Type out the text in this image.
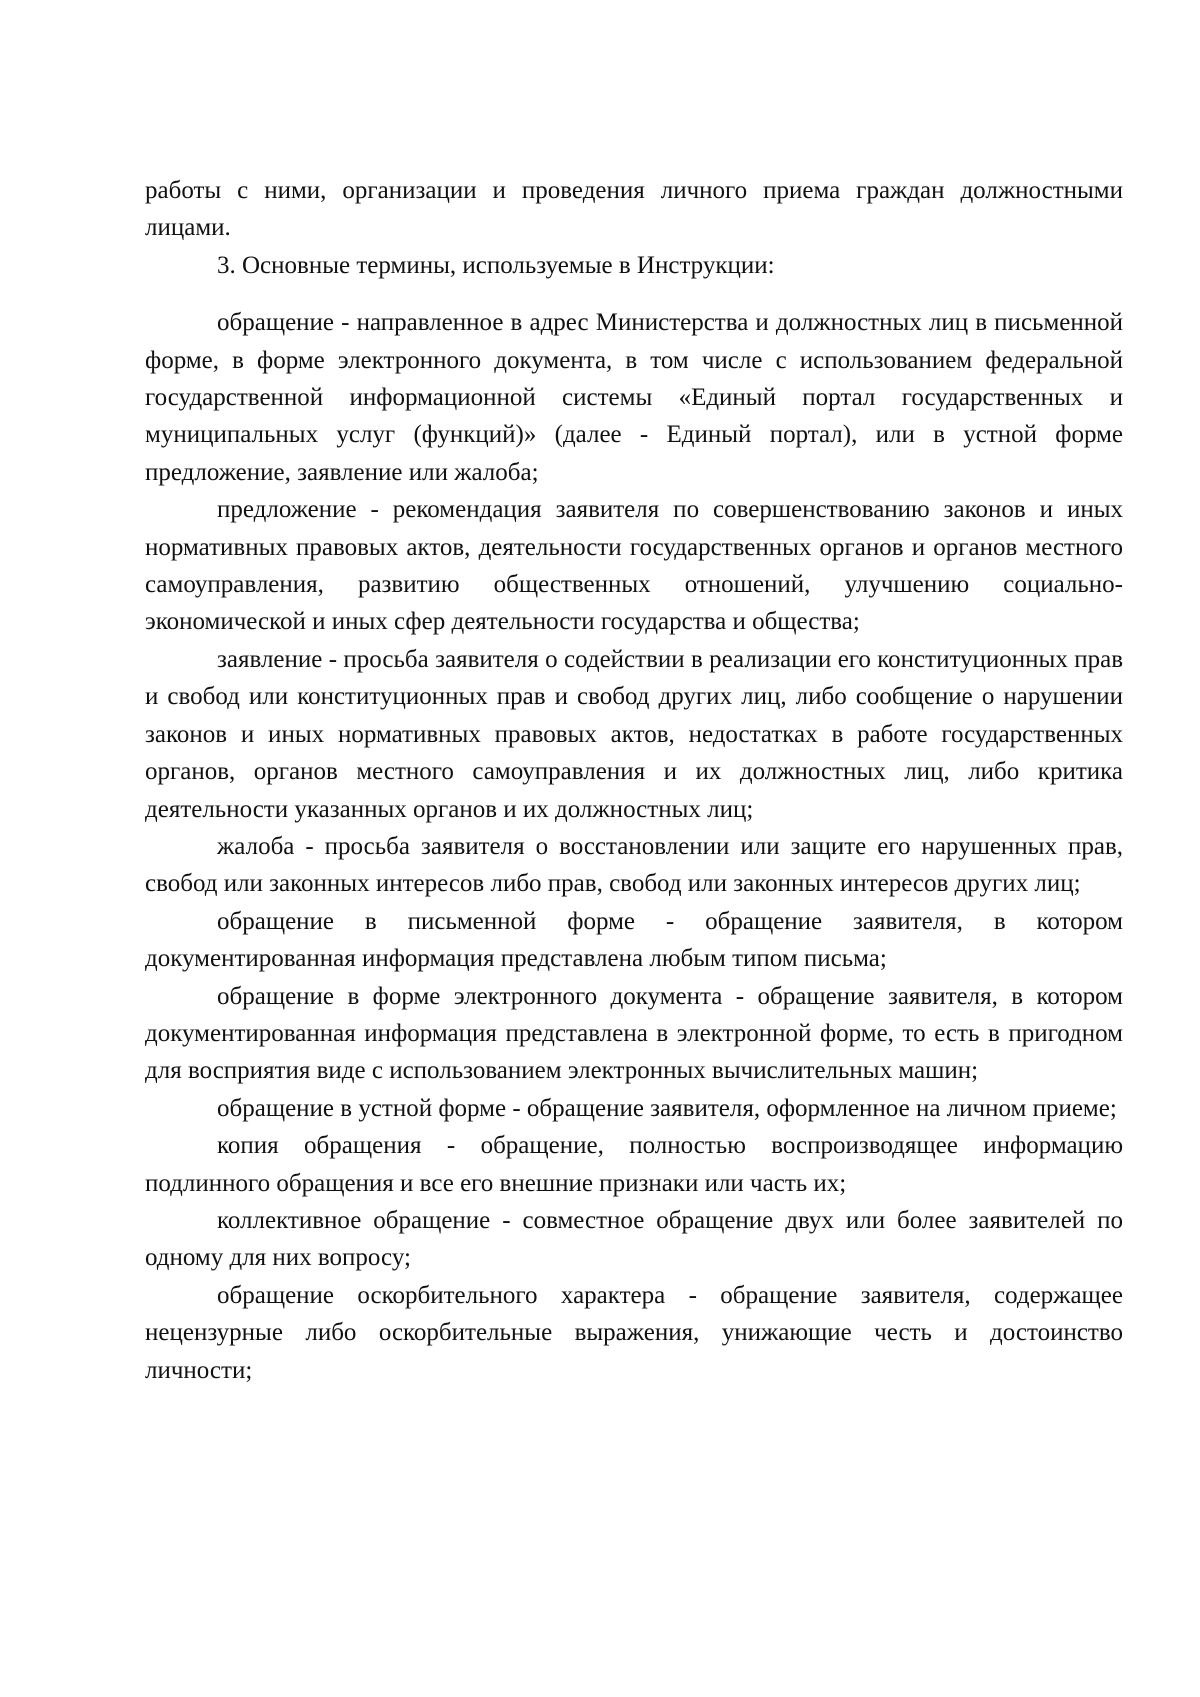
работы с ними, организации и проведения личного приема граждан должностными лицами.

3. Основные термины, используемые в Инструкции:

обращение - направленное в адрес Министерства и должностных лиц в письменной форме, в форме электронного документа, в том числе с использованием федеральной государственной информационной системы «Единый портал государственных и муниципальных услуг (функций)» (далее - Единый портал), или в устной форме предложение, заявление или жалоба;

предложение - рекомендация заявителя по совершенствованию законов и иных нормативных правовых актов, деятельности государственных органов и органов местного самоуправления, развитию общественных отношений, улучшению социально-экономической и иных сфер деятельности государства и общества;

заявление - просьба заявителя о содействии в реализации его конституционных прав и свобод или конституционных прав и свобод других лиц, либо сообщение о нарушении законов и иных нормативных правовых актов, недостатках в работе государственных органов, органов местного самоуправления и их должностных лиц, либо критика деятельности указанных органов и их должностных лиц;

жалоба - просьба заявителя о восстановлении или защите его нарушенных прав, свобод или законных интересов либо прав, свобод или законных интересов других лиц;

обращение в письменной форме - обращение заявителя, в котором документированная информация представлена любым типом письма;

обращение в форме электронного документа - обращение заявителя, в котором документированная информация представлена в электронной форме, то есть в пригодном для восприятия виде с использованием электронных вычислительных машин;

обращение в устной форме - обращение заявителя, оформленное на личном приеме;

копия обращения - обращение, полностью воспроизводящее информацию подлинного обращения и все его внешние признаки или часть их;

коллективное обращение - совместное обращение двух или более заявителей по одному для них вопросу;

обращение оскорбительного характера - обращение заявителя, содержащее нецензурные либо оскорбительные выражения, унижающие честь и достоинство личности;
